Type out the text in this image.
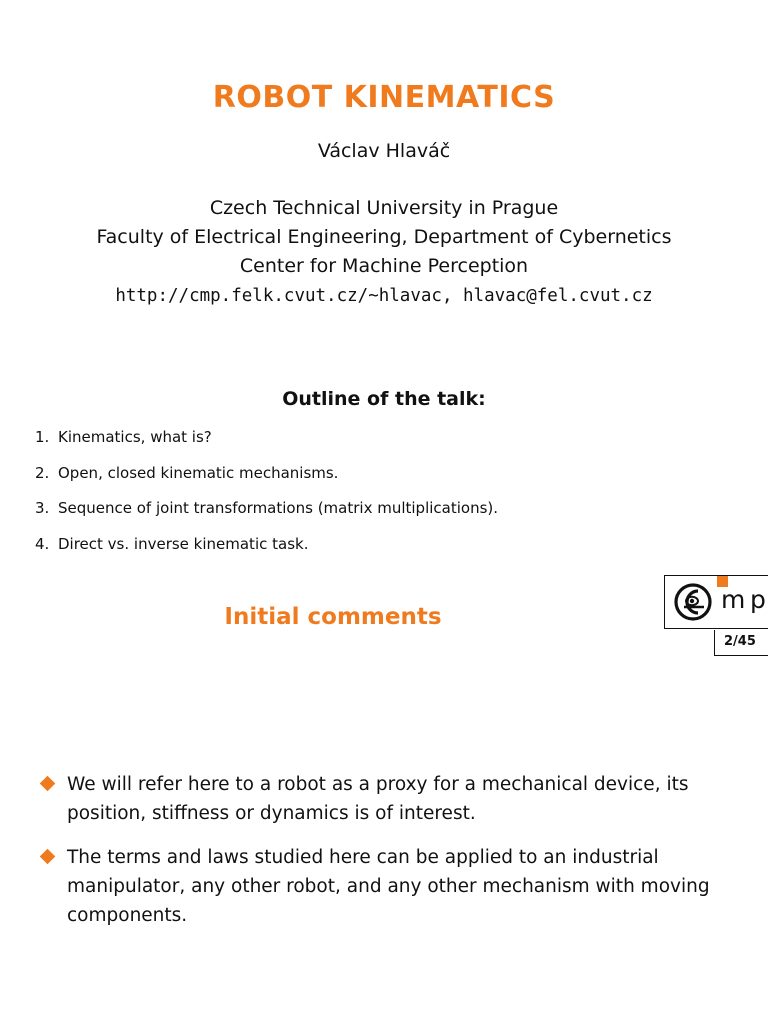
ROBOT KINEMATICS
Václav Hlaváč
Czech Technical University in Prague
Faculty of Electrical Engineering, Department of Cybernetics
Center for Machine Perception
http://cmp.felk.cvut.cz/~hlavac, hlavac@fel.cvut.cz
Outline of the talk:
1. Kinematics, what is?
2. Open, closed kinematic mechanisms.
3. Sequence of joint transformations (matrix multiplications).
4. Direct vs. inverse kinematic task.
Initial comments
m p
2/45
We will refer here to a robot as a proxy for a mechanical device, its position, stiffness or dynamics is of interest.
The terms and laws studied here can be applied to an industrial manipulator, any other robot, and any other mechanism with moving components.
